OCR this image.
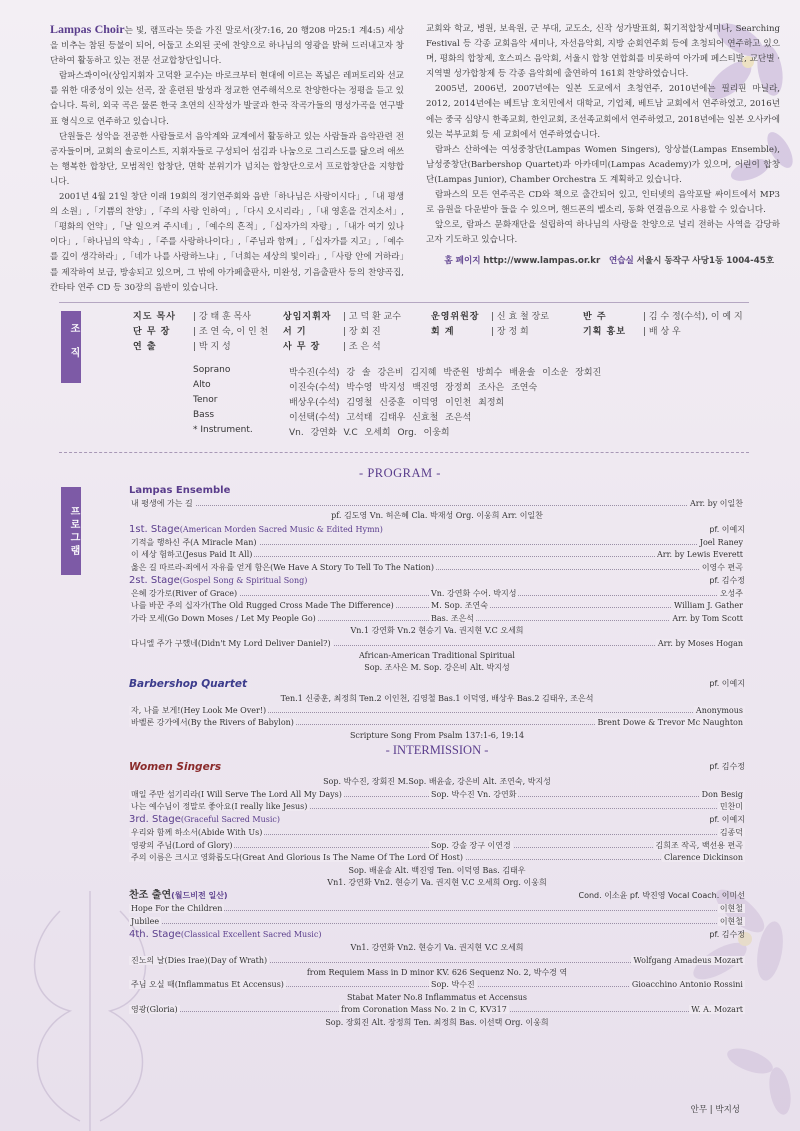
Lampas Choir는 빛, 램프라는 뜻을 가진 말로서(잣7:16, 20 행208 마25:1 계4:5) 세상을 비추는 참된 등불이 되어, 어둡고 소외된 곳에 찬양으로 하나님의 영광을 밝혀 드러내고자 창단하여 활동하고 있는 전문 선교합창단입니다.

람파스콰이어(상임지휘자 고덕환 교수)는 바로크부터 현대에 이르는 폭넓은 레퍼토리와 선교를 위한 대중성이 있는 선곡, 잘 훈련된 발성과 정교한 연주해석으로 찬양한다는 정평을 듣고 있습니다. 특히, 외국 곡은 물론 한국 초연의 신작성가 발굴과 한국 작곡가들의 명성가곡을 연구발표 형식으로 연주하고 있습니다.

단원들은 성악을 전공한 사람들로서 음악계와 교계에서 활동하고 있는 사람들과 음악관련 전공자들이며, 교회의 솔로이스트, 지휘자들로 구성되어 섬김과 나눔으로 그리스도를 닮으려 애쓰는 행복한 합창단, 모범적인 합창단, 면학 분위기가 넘치는 합창단으로서 프로합창단을 지향합니다.

2001년 4월 21일 창단 이래 19회의 정기연주회와 음반「하나님은 사랑이시다」,「내 평생의 소원」,「기쁨의 찬양」,「주의 사랑 인하여」,「다시 오시리라」,「내 영혼을 건지소서」,「평화의 언약」,「날 일으켜 주시네」,「예수의 흔적」,「십자가의 자랑」,「내가 여기 있나이다」,「하나님의 약속」,「주를 사랑하나이다」,「주님과 함께」,「십자가를 지고」,「예수를 깊이 생각하라」,「네가 나를 사랑하느냐」,「너희는 세상의 빛이라」,「사랑 안에 거하라」를 제작하여 보급, 방송되고 있으며, 그 밖에 아가페출판사, 미완성, 기음출판사 등의 찬양곡집, 칸타타 연주 CD 등 30장의 음반이 있습니다.

교회와 학교, 병원, 보육원, 군 부대, 교도소, 신작 성가발표회, 획기적합창세미나, Searching Festival 등 각종 교회음악 세미나, 자선음악회, 지방 순회연주회 등에 초청되어 연주하고 있으며, 평화의 합창제, 호스피스 음악회, 서울시 합창 연합회를 비롯하여 아가페 페스티발, 교단별 · 지역별 성가합창제 등 각종 음악회에 출연하여 161회 찬양하였습니다.

2005년, 2006년, 2007년에는 일본 도쿄에서 초청연주, 2010년에는 필리핀 마닐라, 2012, 2014년에는 베트남 호치민에서 대학교, 기업체, 베트남 교회에서 연주하였고, 2016년에는 중국 심양시 한족교회, 한인교회, 조선족교회에서 연주하였고, 2018년에는 일본 오사카에 있는 북부교회 등 세 교회에서 연주하였습니다.

람파스 산하에는 여성중창단(Lampas Women Singers), 앙상블(Lampas Ensemble), 남성중창단(Barbershop Quartet)과 아카데미(Lampas Academy)가 있으며, 어린이 합창단(Lampas Junior), Chamber Orchestra 도 계획하고 있습니다.

람파스의 모든 연주곡은 CD와 책으로 출간되어 있고, 인터넷의 음악포탈 싸이트에서 MP3로 음원을 다운받아 들을 수 있으며, 핸드폰의 벨소리, 동화 연결음으로 사용할 수 있습니다.

앞으로, 람파스 문화재단을 설립하여 하나님의 사랑을 찬양으로 널리 전하는 사역을 감당하고자 기도하고 있습니다.

홈 페이지 http://www.lampas.or.kr 연습실 서울시 동작구 사당1동 1004-45호
조직
지도 목사	| 강 태 훈 목사	상임지휘자	| 고 덕 환 교수	운영위원장	| 신 효 철 장로	반 주	| 김 수 정(수석), 이 예 지
단 무 장	| 조 연 숙, 이 인 천 서 기	| 장 회 진	회 계	| 장 정 희	기획 홍보	| 배 상 우
연 출	| 박 지 성	사 무 장	| 조 은 석
Soprano	박수진(수석) 강 솔 강은비 김지혜 박준원 방희수 배윤솔 이소운 장회진
Alto	이진숙(수석) 박수영 박지성 백진영 장정희 조사은 조연숙
Tenor	배상우(수석) 김영철 신중훈 이덕영 이인천 최정희
Bass	이선택(수석) 고석태 김태우 신효철 조은석
* Instrument.	Vn. 강연화 V.C 오세희 Org. 이웅희
- PROGRAM -
프로그램
Lampas Ensemble
내 평생에 가는 길	Arr. by 이일찬
pf. 김도영 Vn. 허은혜 Cla. 박재성 Org. 이웅희 Arr. 이일찬
1st. Stage(American Morden Sacred Music & Edited Hymn)	pf. 이예지
기적을 행하신 주(A Miracle Man)	Joel Raney
이 세상 험하고(Jesus Paid It All)	Arr. by Lewis Everett
옳은 길 따르라-죄에서 자유를 얻게 함은(We Have A Story To Tell To The Nation)	이영수 편곡
2st. Stage(Gospel Song & Spiritual Song)	pf. 김수정
은혜 강가로(River of Grace)	Vn. 강연화 수어. 박지성	오성주
나를 바꾼 주의 십자가(The Old Rugged Cross Made The Difference)	M. Sop. 조연숙	William J. Gather
가라 모세(Go Down Moses / Let My People Go)	Bas. 조은석	Arr. by Tom Scott
Vn.1 강연화 Vn.2 현승기 Va. 권지현 V.C 오세희
다니엘 주가 구했네(Didn't My Lord Deliver Daniel?)	Arr. by Moses Hogan
African-American Traditional Spiritual
Sop. 조사은 M. Sop. 강은비 Alt. 박지성
Barbershop Quartet	pf. 이예지
Ten.1 신중훈, 최정희 Ten.2 이인천, 김영철 Bas.1 이덕영, 배상우 Bas.2 김태우, 조은석
자, 나를 보게!(Hey Look Me Over!)	Anonymous
바벨론 강가에서(By the Rivers of Babylon)	Brent Dowe & Trevor Mc Naughton
Scripture Song From Psalm 137:1-6, 19:14
- INTERMISSION -
Women Singers	pf. 김수정
Sop. 박수진, 장회진 M.Sop. 배윤솔, 강은비 Alt. 조연숙, 박지성
매일 주만 섬기리라(I Will Serve The Lord All My Days)	Sop. 박수진 Vn. 강연화	Don Besig
나는 예수님이 정말로 좋아요(I really like Jesus)	민찬미
3rd. Stage(Graceful Sacred Music)	pf. 이예지
우리와 함께 하소서(Abide With Us)	김종덕
영광의 주님(Lord of Glory)	Sop. 강솔 장구 이연경	김희조 작곡, 백선용 편곡
주의 이름은 크시고 영화롭도다(Great And Glorious Is The Name Of The Lord Of Host)	Clarence Dickinson
Sop. 배윤솔 Alt. 백진영 Ten. 이덕영 Bas. 김태우
Vn1. 강연화 Vn2. 현승기 Va. 권지현 V.C 오세희 Org. 이웅희
찬조 출연(월드비전 일산)	Cond. 이소윤 pf. 박진영 Vocal Coach. 이미선
Hope For the Children	이현철
Jubilee	이현철
4th. Stage(Classical Excellent Sacred Music)	pf. 김수정
Vn1. 강연화 Vn2. 현승기 Va. 권지현 V.C 오세희
진노의 날(Dies Irae)(Day of Wrath)	Wolfgang Amadeus Mozart
from Requiem Mass in D minor KV. 626 Sequenz No. 2, 박수경 역
주님 오실 때(Inflammatus Et Accensus)	Sop. 박수진	Gioacchino Antonio Rossini
Stabat Mater No.8 Inflammatus et Accensus
영광(Gloria)	from Coronation Mass No. 2 in C, KV317	W. A. Mozart
Sop. 장회진 Alt. 장정희 Ten. 최정희 Bas. 이선택 Org. 이웅희
안무 | 박지성
